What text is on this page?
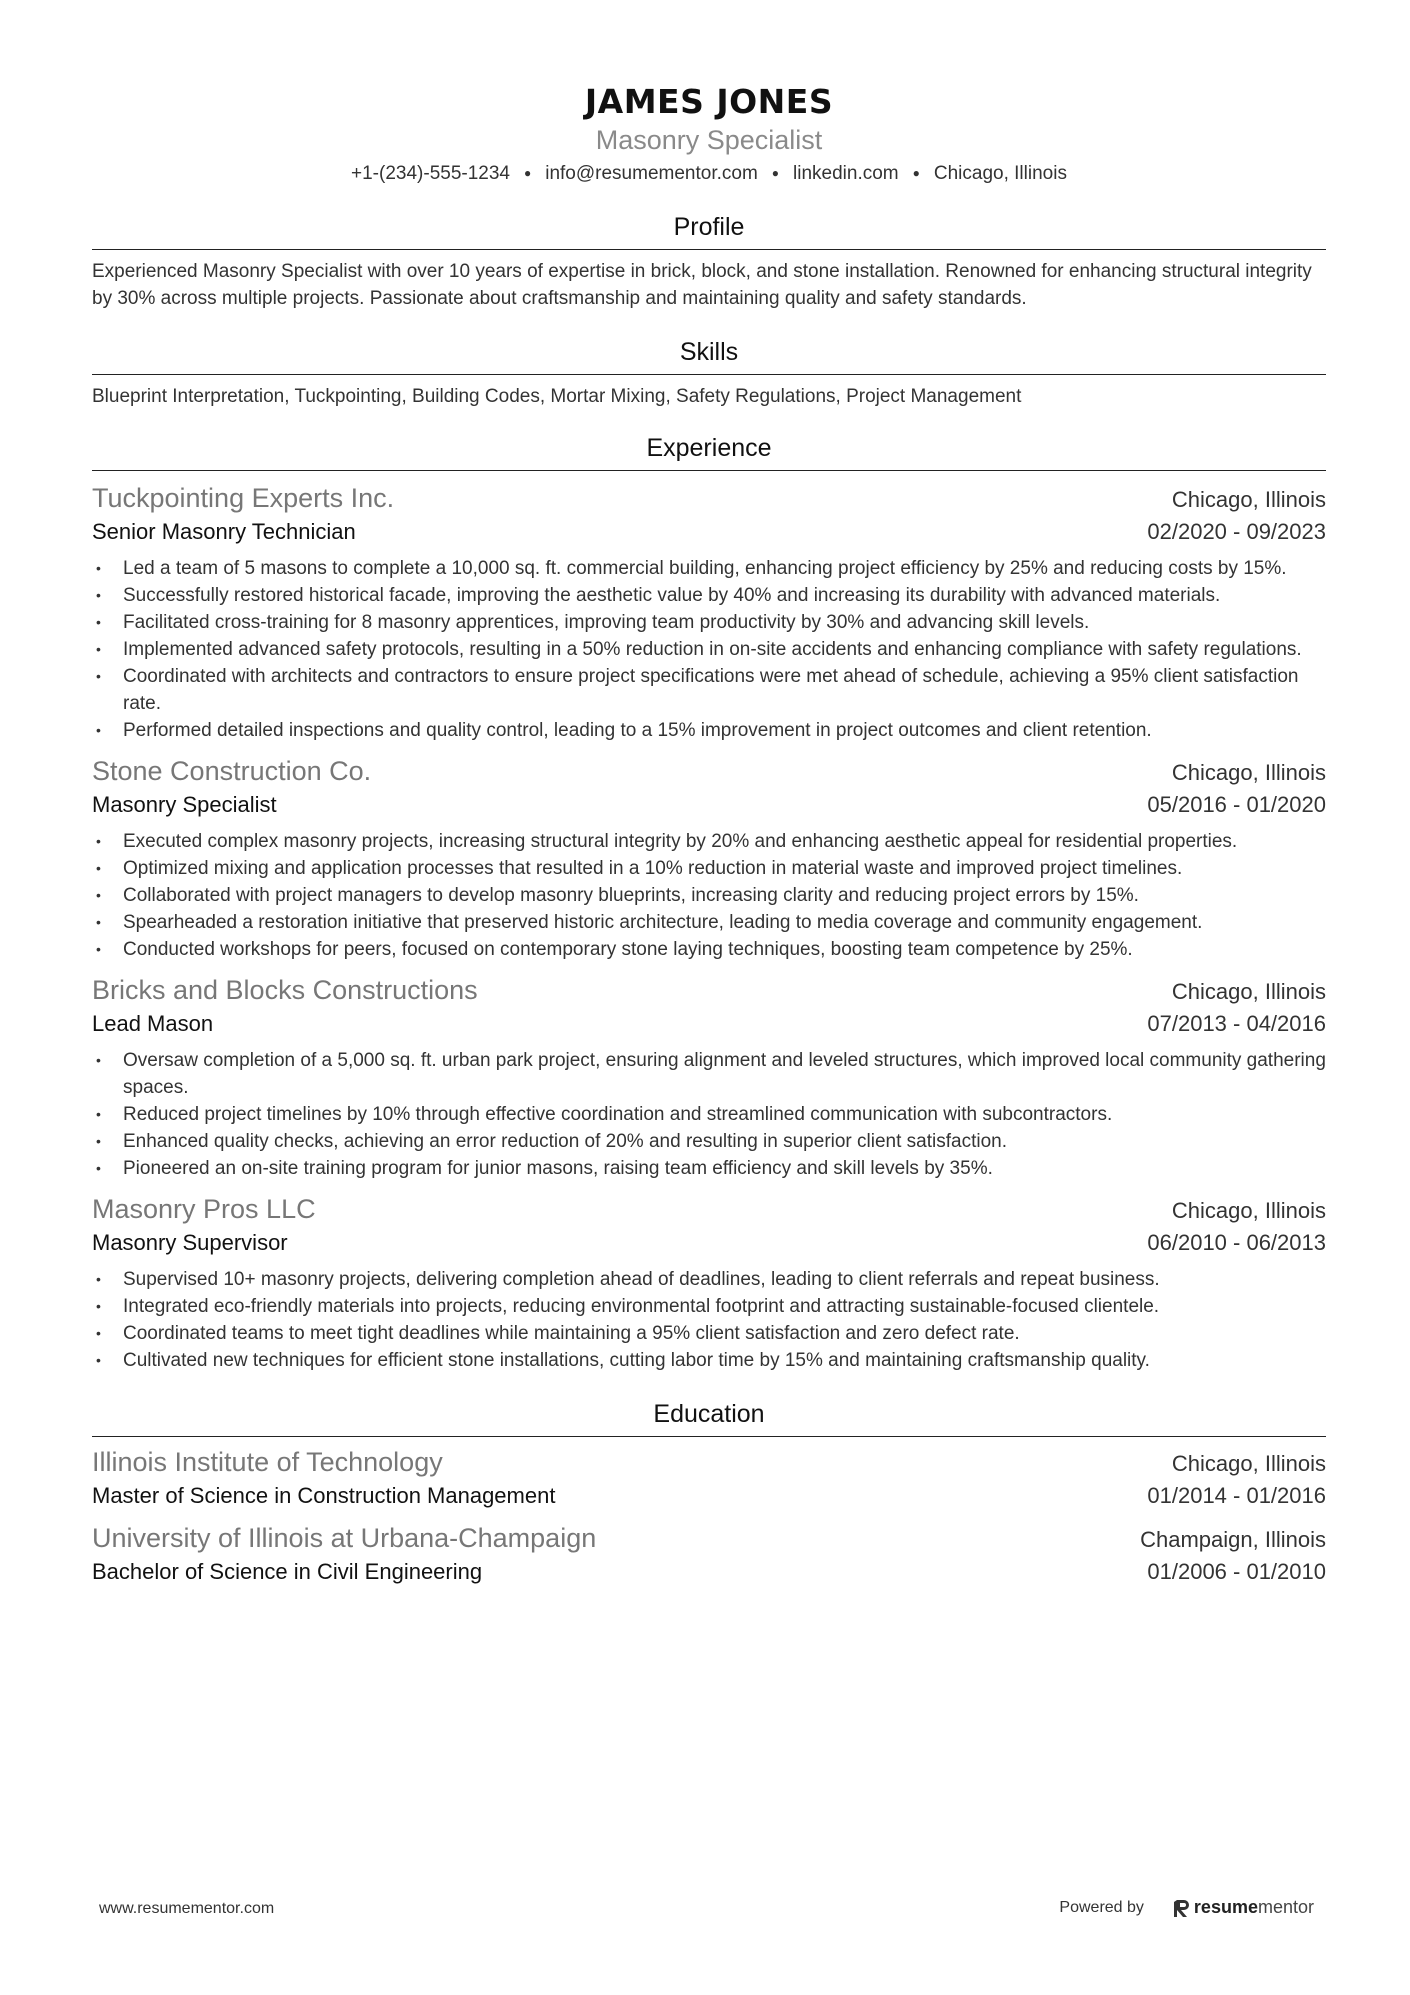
JAMES JONES
Masonry Specialist
+1-(234)-555-1234 ● info@resumementor.com ● linkedin.com ● Chicago, Illinois
Profile
Experienced Masonry Specialist with over 10 years of expertise in brick, block, and stone installation. Renowned for enhancing structural integrity by 30% across multiple projects. Passionate about craftsmanship and maintaining quality and safety standards.
Skills
Blueprint Interpretation, Tuckpointing, Building Codes, Mortar Mixing, Safety Regulations, Project Management
Experience
Tuckpointing Experts Inc.	Chicago, Illinois
Senior Masonry Technician	02/2020 - 09/2023
• Led a team of 5 masons to complete a 10,000 sq. ft. commercial building, enhancing project efficiency by 25% and reducing costs by 15%.
• Successfully restored historical facade, improving the aesthetic value by 40% and increasing its durability with advanced materials.
• Facilitated cross-training for 8 masonry apprentices, improving team productivity by 30% and advancing skill levels.
• Implemented advanced safety protocols, resulting in a 50% reduction in on-site accidents and enhancing compliance with safety regulations.
• Coordinated with architects and contractors to ensure project specifications were met ahead of schedule, achieving a 95% client satisfaction rate.
• Performed detailed inspections and quality control, leading to a 15% improvement in project outcomes and client retention.
Stone Construction Co.	Chicago, Illinois
Masonry Specialist	05/2016 - 01/2020
• Executed complex masonry projects, increasing structural integrity by 20% and enhancing aesthetic appeal for residential properties.
• Optimized mixing and application processes that resulted in a 10% reduction in material waste and improved project timelines.
• Collaborated with project managers to develop masonry blueprints, increasing clarity and reducing project errors by 15%.
• Spearheaded a restoration initiative that preserved historic architecture, leading to media coverage and community engagement.
• Conducted workshops for peers, focused on contemporary stone laying techniques, boosting team competence by 25%.
Bricks and Blocks Constructions	Chicago, Illinois
Lead Mason	07/2013 - 04/2016
• Oversaw completion of a 5,000 sq. ft. urban park project, ensuring alignment and leveled structures, which improved local community gathering spaces.
• Reduced project timelines by 10% through effective coordination and streamlined communication with subcontractors.
• Enhanced quality checks, achieving an error reduction of 20% and resulting in superior client satisfaction.
• Pioneered an on-site training program for junior masons, raising team efficiency and skill levels by 35%.
Masonry Pros LLC	Chicago, Illinois
Masonry Supervisor	06/2010 - 06/2013
• Supervised 10+ masonry projects, delivering completion ahead of deadlines, leading to client referrals and repeat business.
• Integrated eco-friendly materials into projects, reducing environmental footprint and attracting sustainable-focused clientele.
• Coordinated teams to meet tight deadlines while maintaining a 95% client satisfaction and zero defect rate.
• Cultivated new techniques for efficient stone installations, cutting labor time by 15% and maintaining craftsmanship quality.
Education
Illinois Institute of Technology	Chicago, Illinois
Master of Science in Construction Management	01/2014 - 01/2016
University of Illinois at Urbana-Champaign	Champaign, Illinois
Bachelor of Science in Civil Engineering	01/2006 - 01/2010
www.resumementor.com	Powered by	resume mentor
